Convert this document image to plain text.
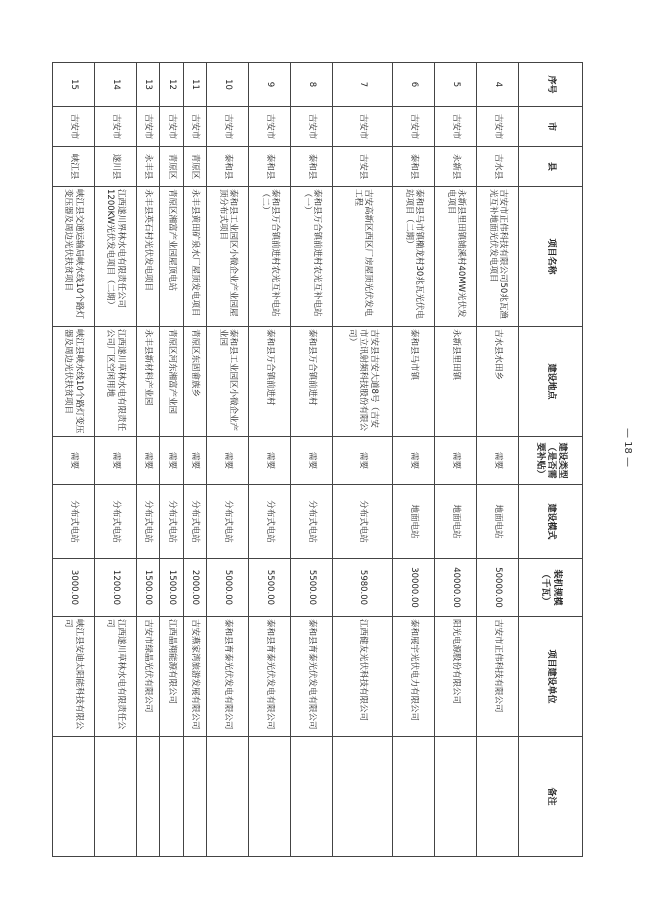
序号	市	县	项目名称	建设地点	建设类型（是否需要补贴）	建设模式	装机规模（千瓦）	项目建设单位	备注
4	吉安市	吉水县	吉安市正伟科技有限公司50兆瓦渔光互补地面光伏发电项目	吉水县水田乡	需要	地面电站	50000.00	吉安市正伟科技有限公司	
5	吉安市	永新县	永新县里田镇铺溪村40MW光伏发电项目	永新县里田镇	需要	地面电站	40000.00	阳光电源股份有限公司	
6	吉安市	泰和县	泰和县马市镇椭龙村30兆瓦光伏电站项目（二期）	泰和县马市镇	需要	地面电站	30000.00	泰和展宇光伏电力有限公司	
7	吉安市	吉安县	吉安高新区西区厂房屋顶光伏发电工程	吉安县吉安大道8号（吉安市立讯射频科技股份有限公司）	需要	分布式电站	5980.00	江西健友光伏科技有限公司	
8	吉安市	泰和县	泰和县万合镇前进村农光互补电站（一）	泰和县万合镇前进村	需要	分布式电站	5500.00	泰和县育泰光伏发电有限公司	
9	吉安市	泰和县	泰和县万合镇前进村农光互补电站（二）	泰和县万合镇前进村	需要	分布式电站	5500.00	泰和县育泰光伏发电有限公司	
10	吉安市	泰和县	泰和县工业园区小微企业产业园屋顶分布式项目	泰和县工业园区小微企业产业园	需要	分布式电站	5000.00	泰和县育泰光伏发电有限公司	
11	吉安市	青原区	永丰县黄田矿泉水厂屋顶发电项目	青原区东固畲族乡	需要	分布式电站	2000.00	吉安燕家湾旅游发展有限公司	
12	吉安市	青原区	青原区湘富产业园屋顶电站	青原区河东湘富产业园	需要	分布式电站	1500.00	江西晶翔能源有限公司	
13	吉安市	永丰县	永丰县英石村光伏发电项目	永丰县新材料产业园	需要	分布式电站	1500.00	吉安市绿晶光伏有限公司	
14	吉安市	遂川县	江西遂川界林水电有限责任公司1200KW光伏发电项目（二期）	江西遂川草林水电有限责任公司厂区空闲用地	需要	分布式电站	1200.00	江西遂川草林水电有限责任公司	
15	吉安市	峡江县	峡江县交通运输局峡水线10个路灯变压器及周边光伏扶贫项目	峡江县峡水线10个路灯变压器及周边光伏扶贫项目	需要	分布式电站	3000.00	峡江县安迪太阳能科技有限公司	
— 18 —
